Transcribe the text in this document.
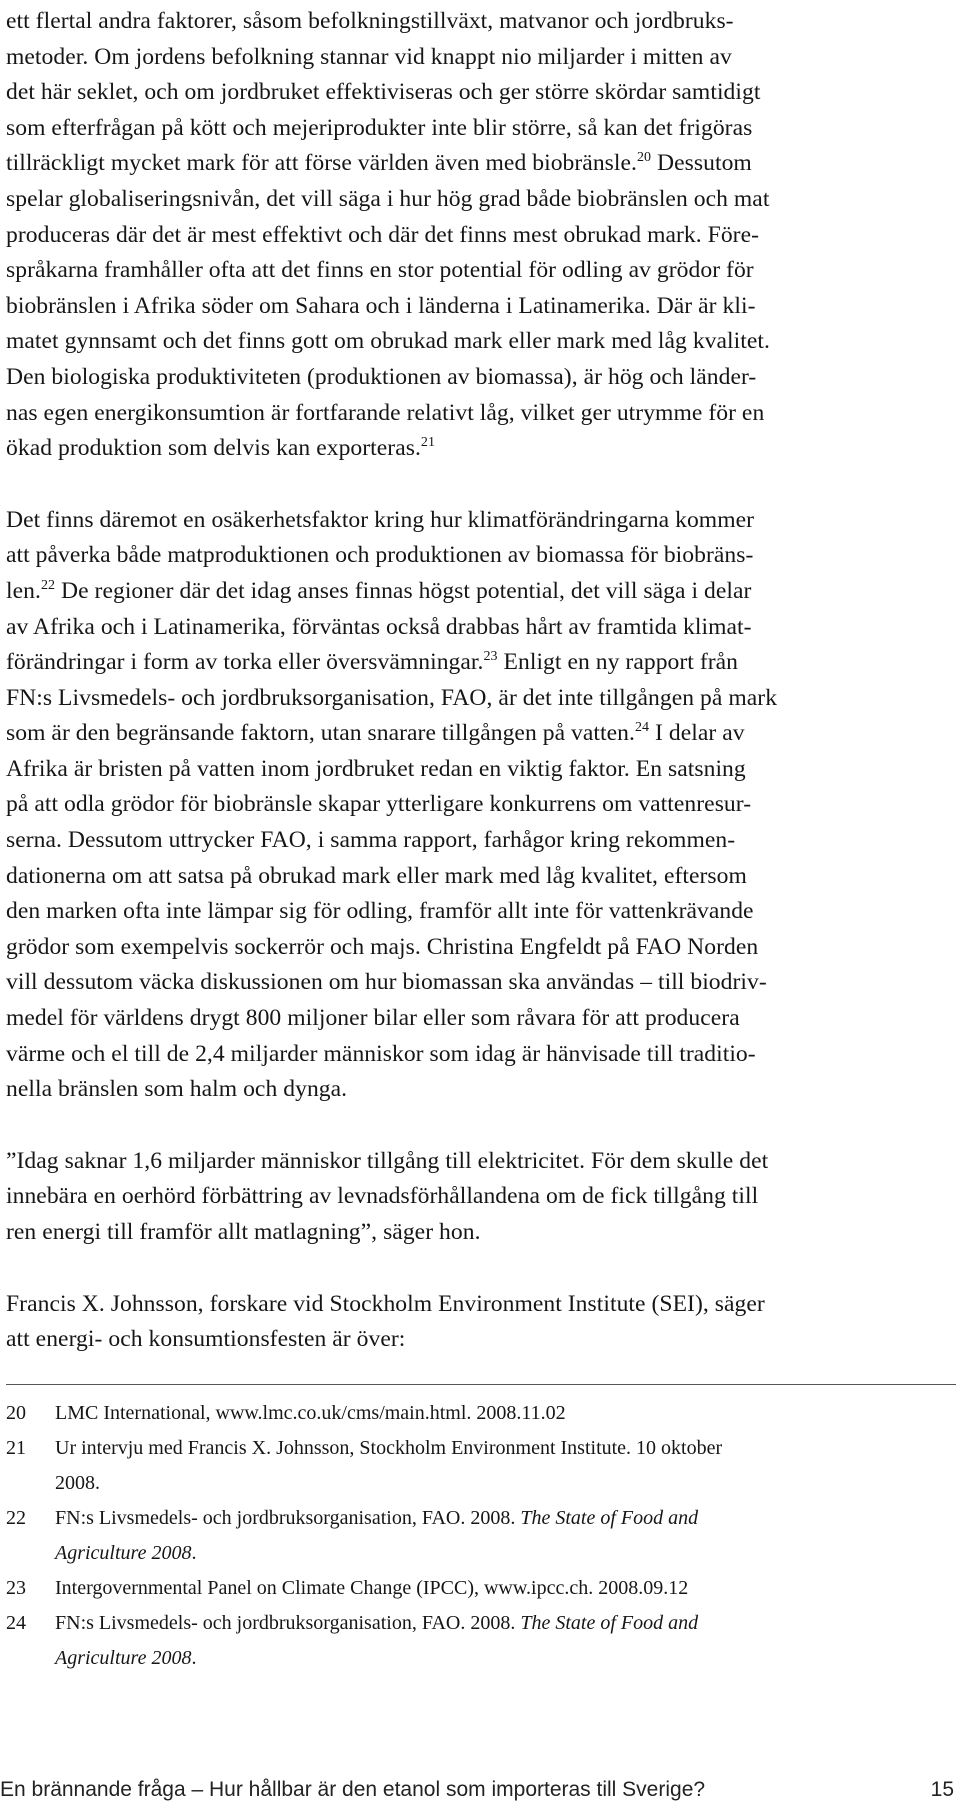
ett flertal andra faktorer, såsom befolkningstillväxt, matvanor och jordbruks-
metoder. Om jordens befolkning stannar vid knappt nio miljarder i mitten av
det här seklet, och om jordbruket effektiviseras och ger större skördar samtidigt
som efterfrågan på kött och mejeriprodukter inte blir större, så kan det frigöras
tillräckligt mycket mark för att förse världen även med biobränsle.$^{20}$ Dessutom
spelar globaliseringsnivån, det vill säga i hur hög grad både biobränslen och mat
produceras där det är mest effektivt och där det finns mest obrukad mark. Före-
språkarna framhåller ofta att det finns en stor potential för odling av grödor för
biobränslen i Afrika söder om Sahara och i länderna i Latinamerika. Där är kli-
matet gynnsamt och det finns gott om obrukad mark eller mark med låg kvalitet.
Den biologiska produktiviteten (produktionen av biomassa), är hög och länder-
nas egen energikonsumtion är fortfarande relativt låg, vilket ger utrymme för en
ökad produktion som delvis kan exporteras.$^{21}$
Det finns däremot en osäkerhetsfaktor kring hur klimatförändringarna kommer
att påverka både matproduktionen och produktionen av biomassa för biobräns-
len.$^{22}$ De regioner där det idag anses finnas högst potential, det vill säga i delar
av Afrika och i Latinamerika, förväntas också drabbas hårt av framtida klimat-
förändringar i form av torka eller översvämningar.$^{23}$ Enligt en ny rapport från
FN:s Livsmedels- och jordbruksorganisation, FAO, är det inte tillgången på mark
som är den begränsande faktorn, utan snarare tillgången på vatten.$^{24}$ I delar av
Afrika är bristen på vatten inom jordbruket redan en viktig faktor. En satsning
på att odla grödor för biobränsle skapar ytterligare konkurrens om vattenresur-
serna. Dessutom uttrycker FAO, i samma rapport, farhågor kring rekommen-
dationerna om att satsa på obrukad mark eller mark med låg kvalitet, eftersom
den marken ofta inte lämpar sig för odling, framför allt inte för vattenkrävande
grödor som exempelvis sockerrör och majs. Christina Engfeldt på FAO Norden
vill dessutom väcka diskussionen om hur biomassan ska användas – till biodriv-
medel för världens drygt 800 miljoner bilar eller som råvara för att producera
värme och el till de 2,4 miljarder människor som idag är hänvisade till traditio-
nella bränslen som halm och dynga.
”Idag saknar 1,6 miljarder människor tillgång till elektricitet. För dem skulle det
innebära en oerhörd förbättring av levnadsförhållandena om de fick tillgång till
ren energi till framför allt matlagning”, säger hon.
Francis X. Johnsson, forskare vid Stockholm Environment Institute (SEI), säger
att energi- och konsumtionsfesten är över:
20	LMC International, www.lmc.co.uk/cms/main.html. 2008.11.02
21	Ur intervju med Francis X. Johnsson, Stockholm Environment Institute. 10 oktober
2008.
22	FN:s Livsmedels- och jordbruksorganisation, FAO. 2008. The State of Food and
Agriculture 2008.
23	Intergovernmental Panel on Climate Change (IPCC), www.ipcc.ch. 2008.09.12
24	FN:s Livsmedels- och jordbruksorganisation, FAO. 2008. The State of Food and
Agriculture 2008.
En brännande fråga – Hur hållbar är den etanol som importeras till Sverige?	15
